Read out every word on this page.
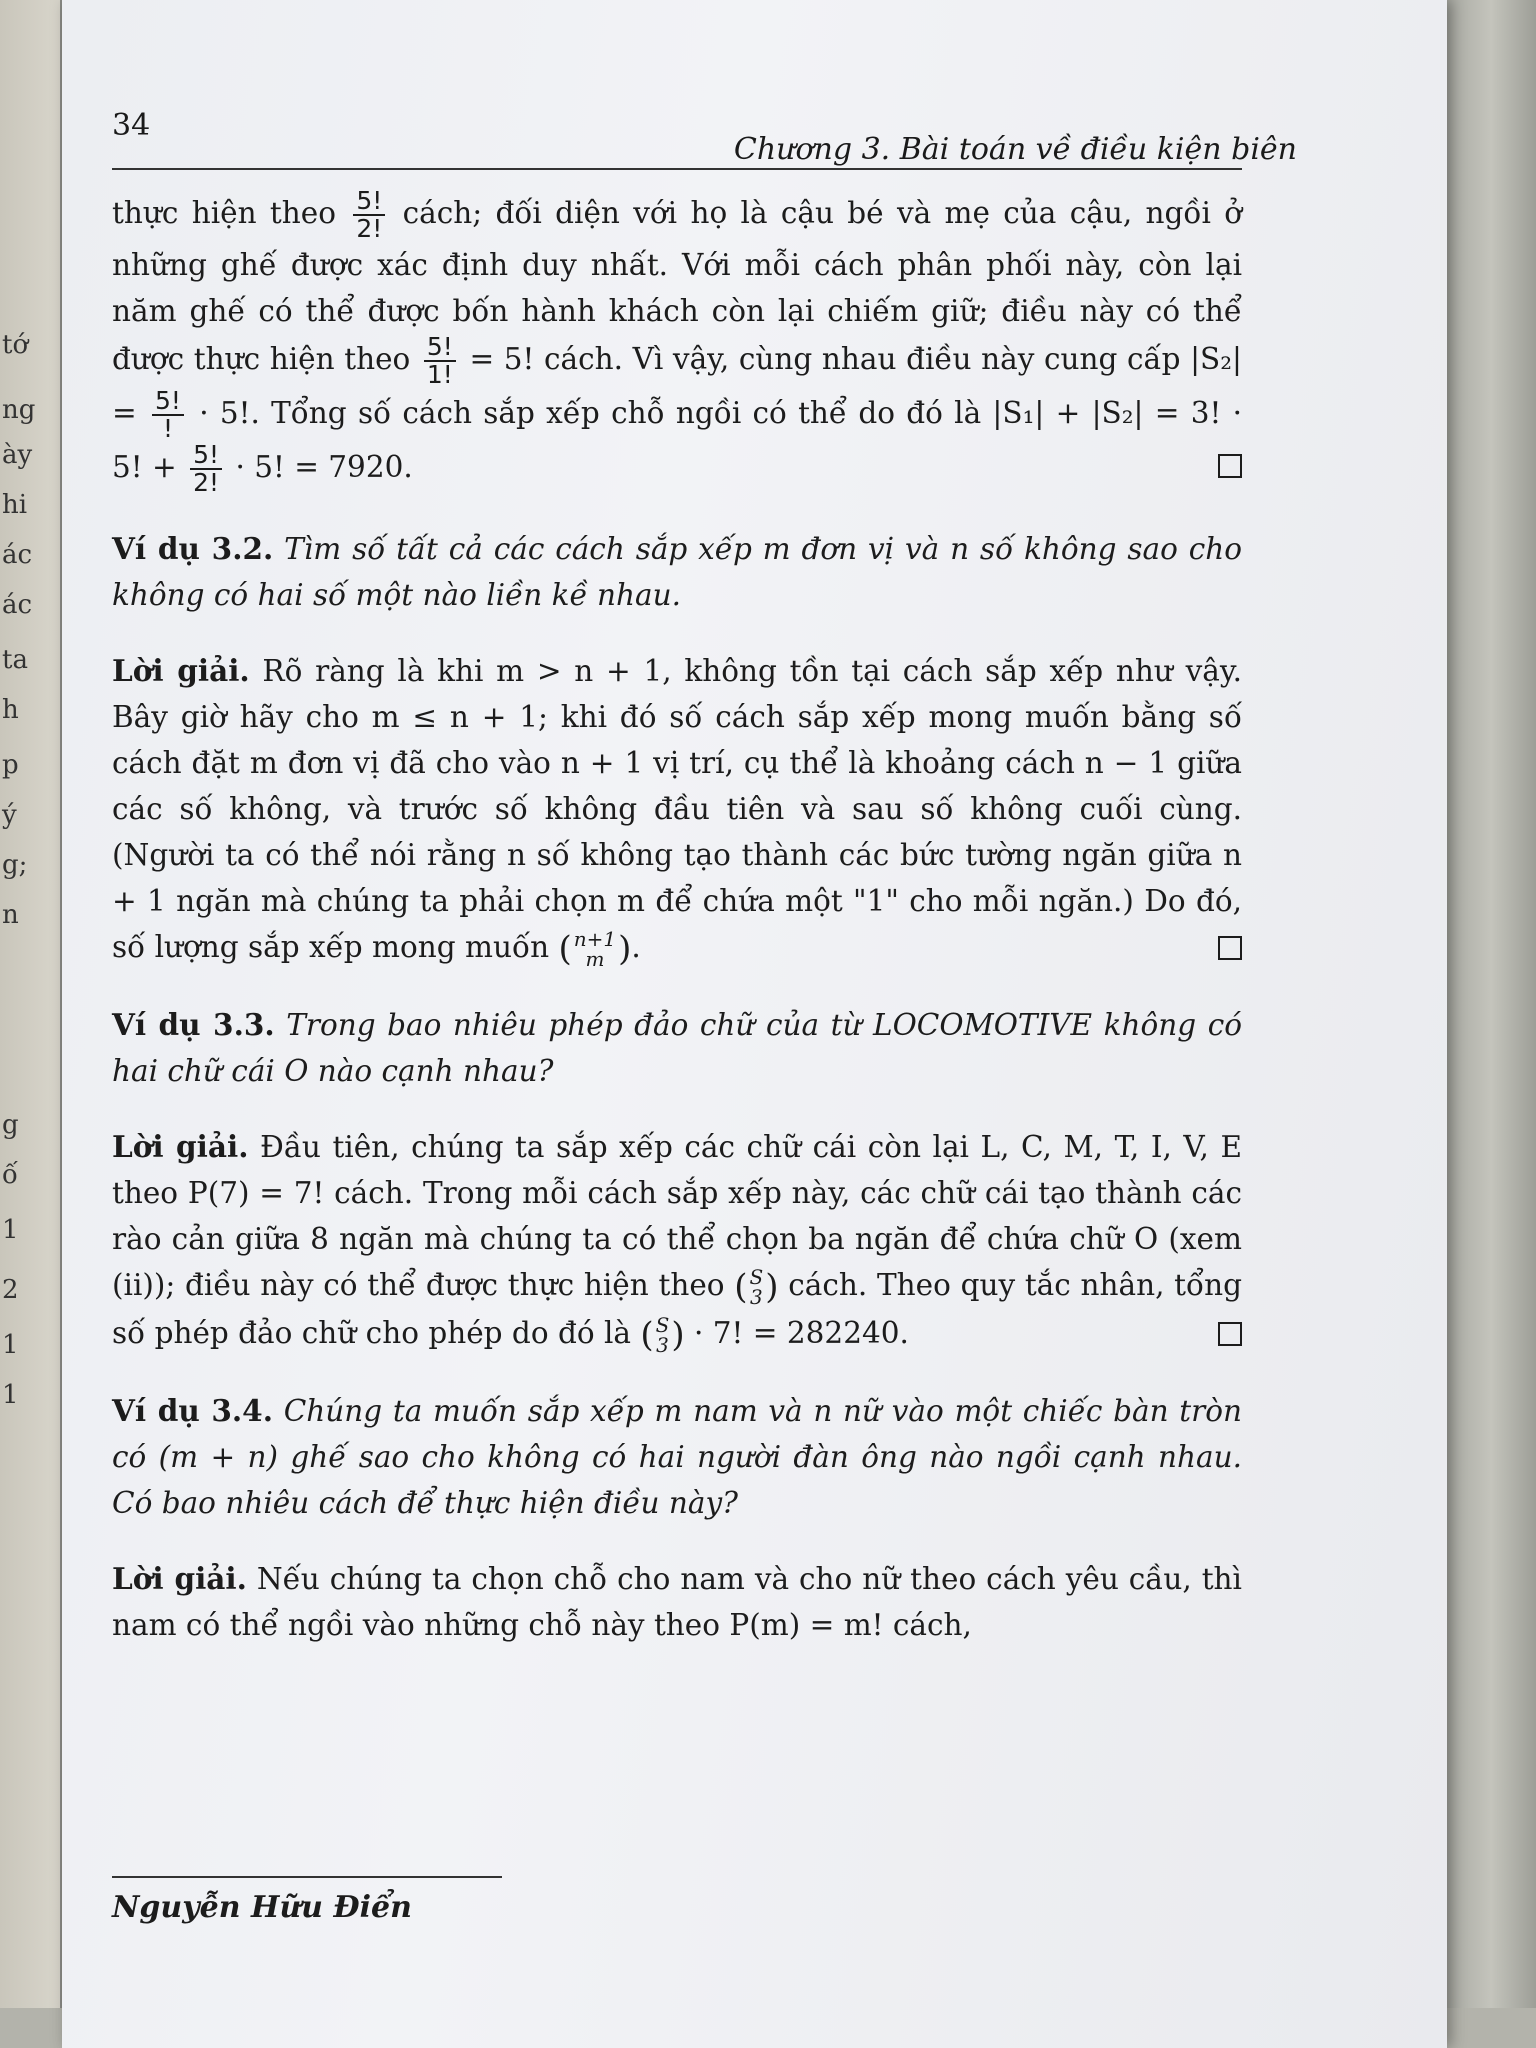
tớ
ng
ày
hi
ác
ác
ta
h
p
ý
g;
n
g
ố
1
2
1
1
34
Chương 3. Bài toán về điều kiện biên

thực hiện theo $\frac{5!}{2!}$ cách; đối diện với họ là cậu bé và mẹ của cậu, ngồi ở những ghế được xác định duy nhất. Với mỗi cách phân phối này, còn lại năm ghế có thể được bốn hành khách còn lại chiếm giữ; điều này có thể được thực hiện theo $\frac{5!}{1!} = 5$! cách. Vì vậy, cùng nhau điều này cung cấp $|S_2| = \frac{5!}{!} \cdot 5$!. Tổng số cách sắp xếp chỗ ngồi có thể do đó là |S₁| + |S₂| = 3! · 5! + $\frac{5!}{2!} \cdot 5$! = 7920.

Ví dụ 3.2. Tìm số tất cả các cách sắp xếp m đơn vị và n số không sao cho không có hai số một nào liền kề nhau.

Lời giải. Rõ ràng là khi m > n + 1, không tồn tại cách sắp xếp như vậy. Bây giờ hãy cho m ≤ n + 1; khi đó số cách sắp xếp mong muốn bằng số cách đặt m đơn vị đã cho vào n + 1 vị trí, cụ thể là khoảng cách n − 1 giữa các số không, và trước số không đầu tiên và sau số không cuối cùng. (Người ta có thể nói rằng n số không tạo thành các bức tường ngăn giữa n + 1 ngăn mà chúng ta phải chọn m để chứa một "1" cho mỗi ngăn.) Do đó, số lượng sắp xếp mong muốn ( n+1
m ).

Ví dụ 3.3. Trong bao nhiêu phép đảo chữ của từ LOCOMOTIVE không có hai chữ cái O nào cạnh nhau?

Lời giải. Đầu tiên, chúng ta sắp xếp các chữ cái còn lại L, C, M, T, I, V, E theo P(7) = 7! cách. Trong mỗi cách sắp xếp này, các chữ cái tạo thành các rào cản giữa 8 ngăn mà chúng ta có thể chọn ba ngăn để chứa chữ O (xem (ii)); điều này có thể được thực hiện theo ( S
3 ) cách. Theo quy tắc nhân, tổng số phép đảo chữ cho phép do đó là ( S
3 ) · 7! = 282240.

Ví dụ 3.4. Chúng ta muốn sắp xếp m nam và n nữ vào một chiếc bàn tròn có (m + n) ghế sao cho không có hai người đàn ông nào ngồi cạnh nhau. Có bao nhiêu cách để thực hiện điều này?

Lời giải. Nếu chúng ta chọn chỗ cho nam và cho nữ theo cách yêu cầu, thì nam có thể ngồi vào những chỗ này theo P(m) = m! cách,

Nguyễn Hữu Điển
